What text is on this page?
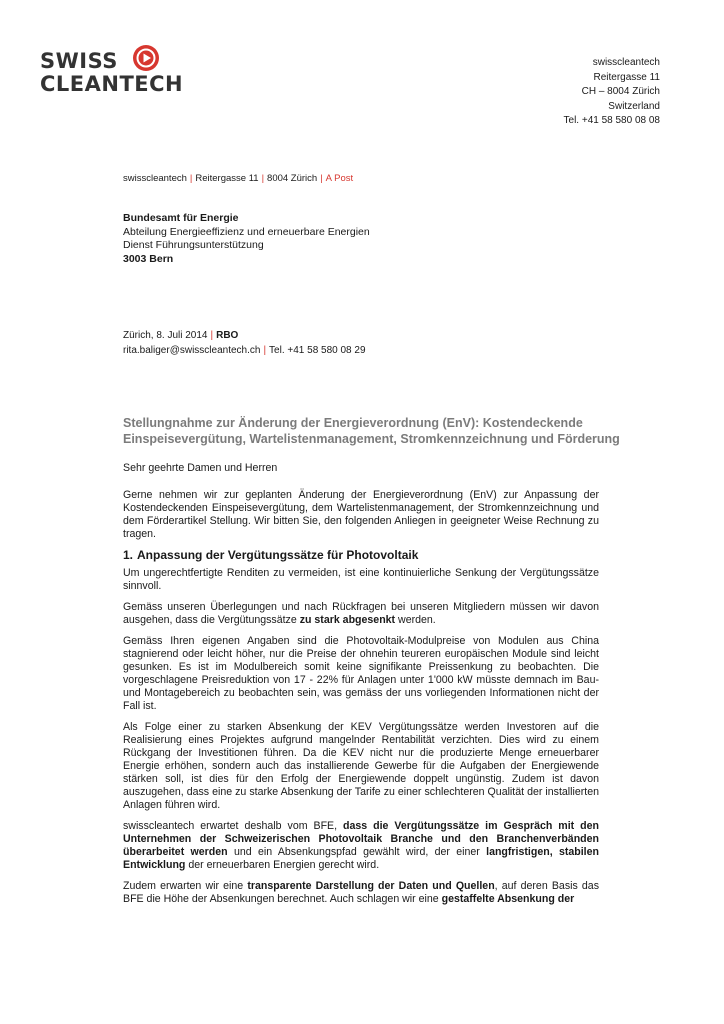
SWISS
CLEANTECH
swisscleantech
Reitergasse 11
CH – 8004 Zürich
Switzerland
Tel. +41 58 580 08 08
swisscleantech | Reitergasse 11 | 8004 Zürich | A Post
Bundesamt für Energie
Abteilung Energieeffizienz und erneuerbare Energien
Dienst Führungsunterstützung
3003 Bern
Zürich, 8. Juli 2014 | RBO
rita.baliger@swisscleantech.ch | Tel. +41 58 580 08 29
Stellungnahme zur Änderung der Energieverordnung (EnV): Kostendeckende Einspeisevergütung, Wartelistenmanagement, Stromkennzeichnung und Förderung

Sehr geehrte Damen und Herren

Gerne nehmen wir zur geplanten Änderung der Energieverordnung (EnV) zur Anpassung der Kostendeckenden Einspeisevergütung, dem Wartelistenmanagement, der Stromkennzeichnung und dem Förderartikel Stellung. Wir bitten Sie, den folgenden Anliegen in geeigneter Weise Rechnung zu tragen.

1. Anpassung der Vergütungssätze für Photovoltaik

Um ungerechtfertigte Renditen zu vermeiden, ist eine kontinuierliche Senkung der Vergütungssätze sinnvoll.

Gemäss unseren Überlegungen und nach Rückfragen bei unseren Mitgliedern müssen wir davon ausgehen, dass die Vergütungssätze zu stark abgesenkt werden.

Gemäss Ihren eigenen Angaben sind die Photovoltaik-Modulpreise von Modulen aus China stagnierend oder leicht höher, nur die Preise der ohnehin teureren europäischen Module sind leicht gesunken. Es ist im Modulbereich somit keine signifikante Preissenkung zu beobachten. Die vorgeschlagene Preisreduktion von 17 - 22% für Anlagen unter 1'000 kW müsste demnach im Bau- und Montagebereich zu beobachten sein, was gemäss der uns vorliegenden Informationen nicht der Fall ist.

Als Folge einer zu starken Absenkung der KEV Vergütungssätze werden Investoren auf die Realisierung eines Projektes aufgrund mangelnder Rentabilität verzichten. Dies wird zu einem Rückgang der Investitionen führen. Da die KEV nicht nur die produzierte Menge erneuerbarer Energie erhöhen, sondern auch das installierende Gewerbe für die Aufgaben der Energiewende stärken soll, ist dies für den Erfolg der Energiewende doppelt ungünstig. Zudem ist davon auszugehen, dass eine zu starke Absenkung der Tarife zu einer schlechteren Qualität der installierten Anlagen führen wird.

swisscleantech erwartet deshalb vom BFE, dass die Vergütungssätze im Gespräch mit den Unternehmen der Schweizerischen Photovoltaik Branche und den Branchenverbänden überarbeitet werden und ein Absenkungspfad gewählt wird, der einer langfristigen, stabilen Entwicklung der erneuerbaren Energien gerecht wird.

Zudem erwarten wir eine transparente Darstellung der Daten und Quellen, auf deren Basis das BFE die Höhe der Absenkungen berechnet. Auch schlagen wir eine gestaffelte Absenkung der
